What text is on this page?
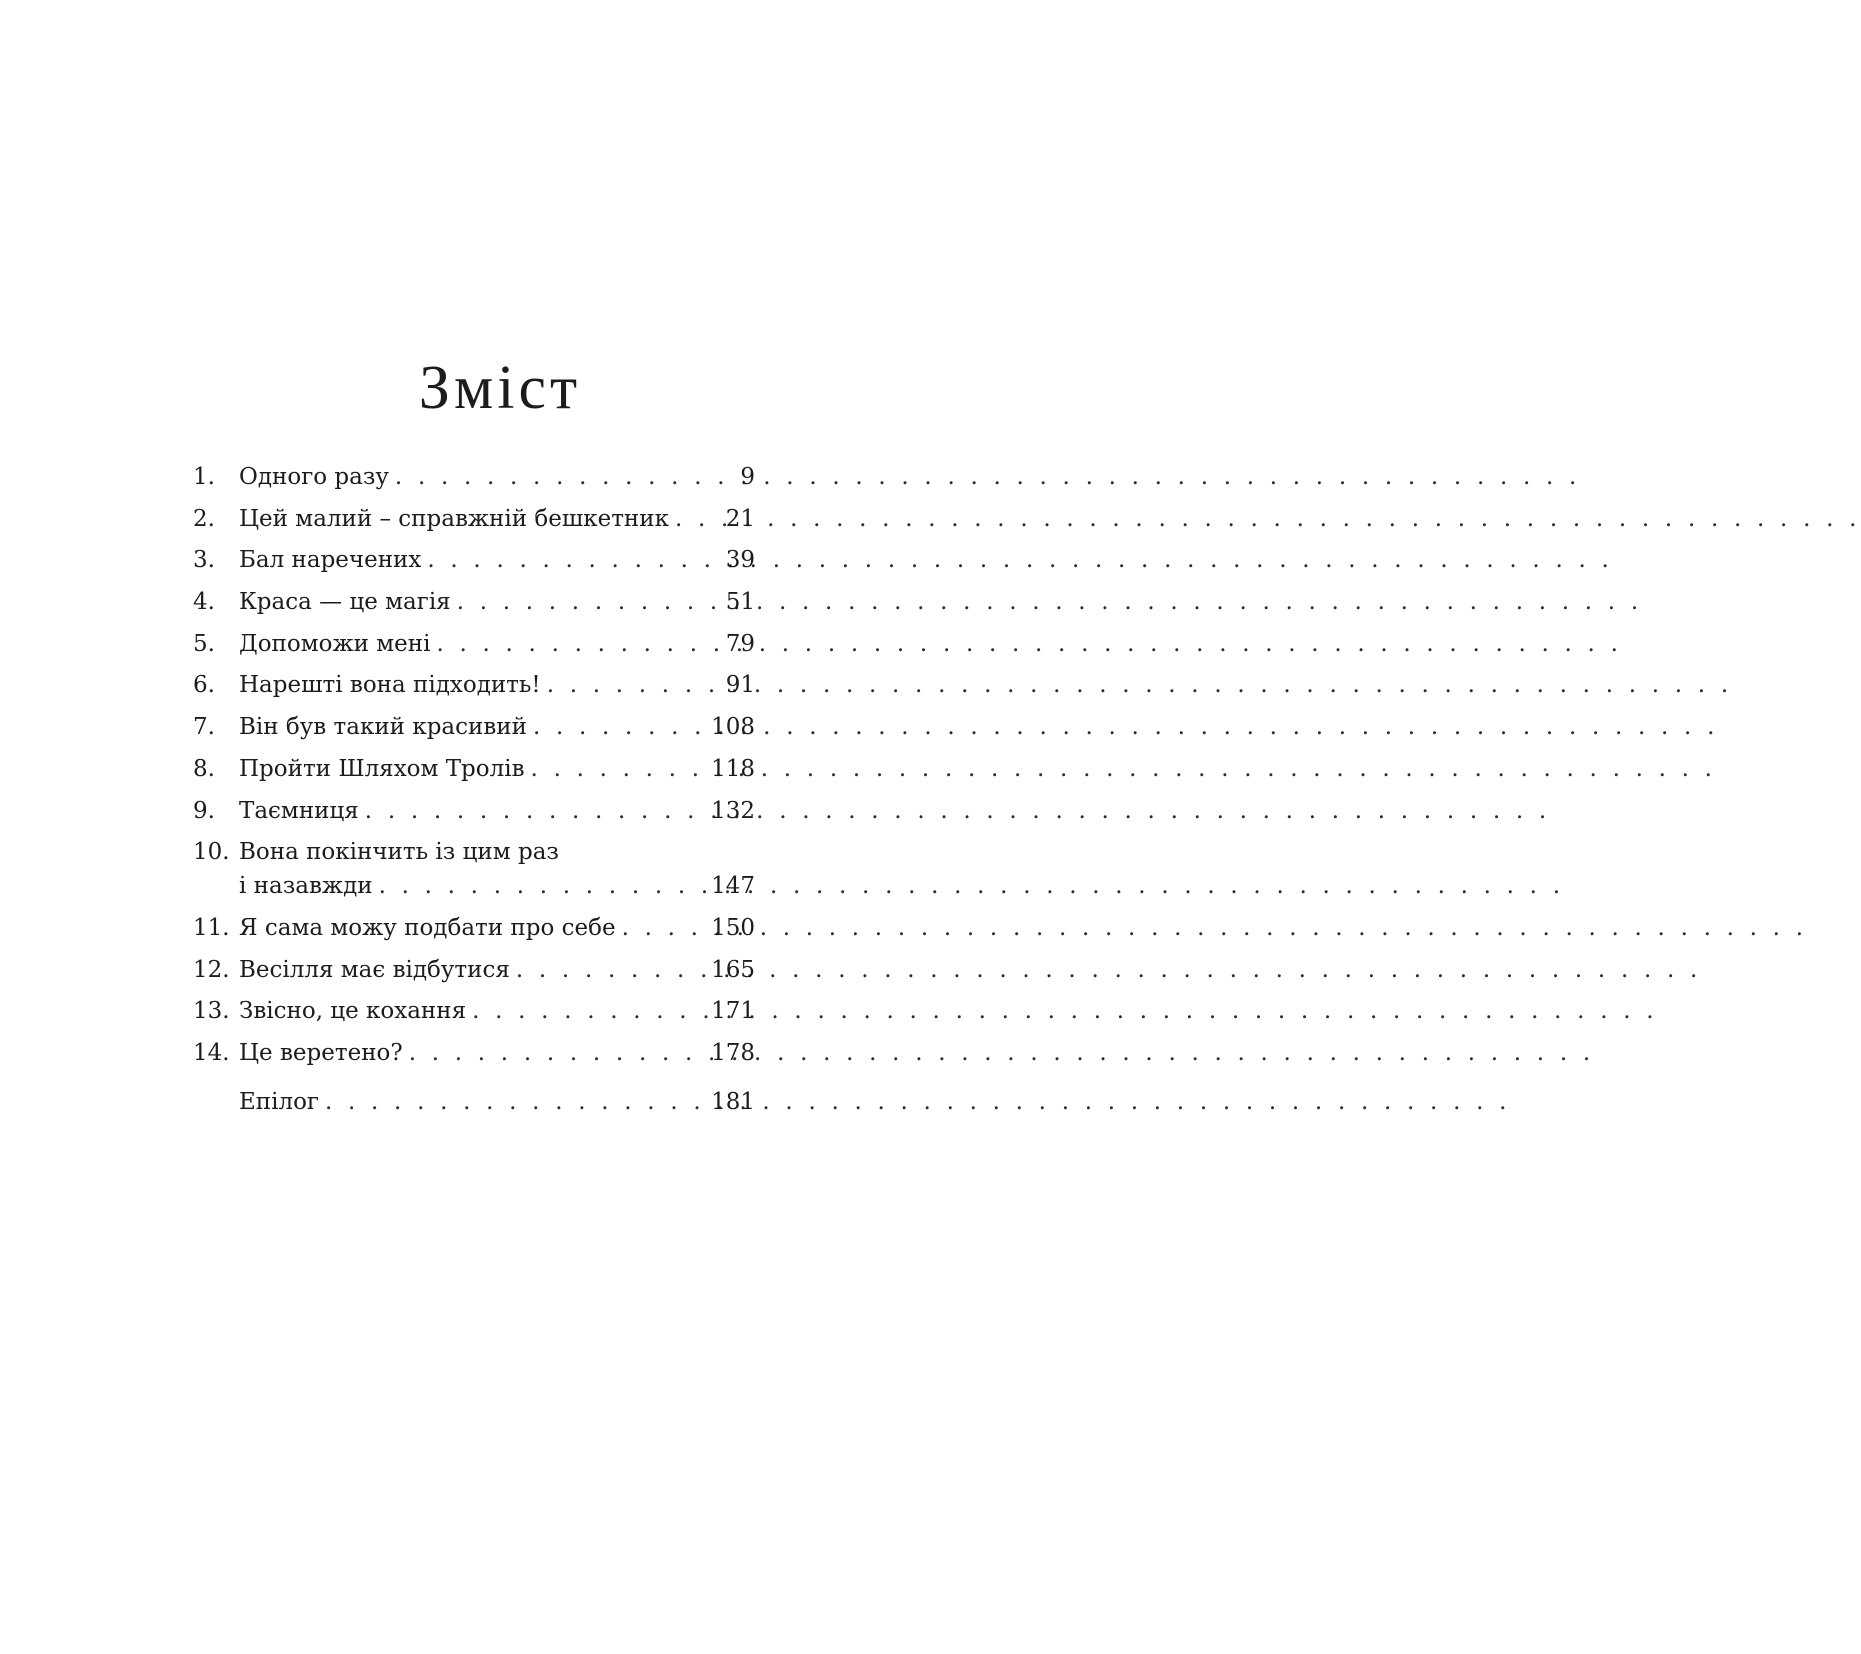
Зміст
1.	Одного разу . . .	9
2.	Цей малий – справжній бешкетник . . .	21
3.	Бал наречених . . .	39
4.	Краса — це магія . . .	51
5.	Допоможи мені . . .	79
6.	Нарешті вона підходить! . . .	91
7.	Він був такий красивий . . .	108
8.	Пройти Шляхом Тролів . . .	118
9.	Таємниця . . .	132
10. Вона покінчить із цим раз
і назавжди . . .	147
11. Я сама можу подбати про себе . . .	150
12. Весілля має відбутися . . .	165
13. Звісно, це кохання . . .	171
14. Це веретено? . . .	178
Епілог . . .	181
